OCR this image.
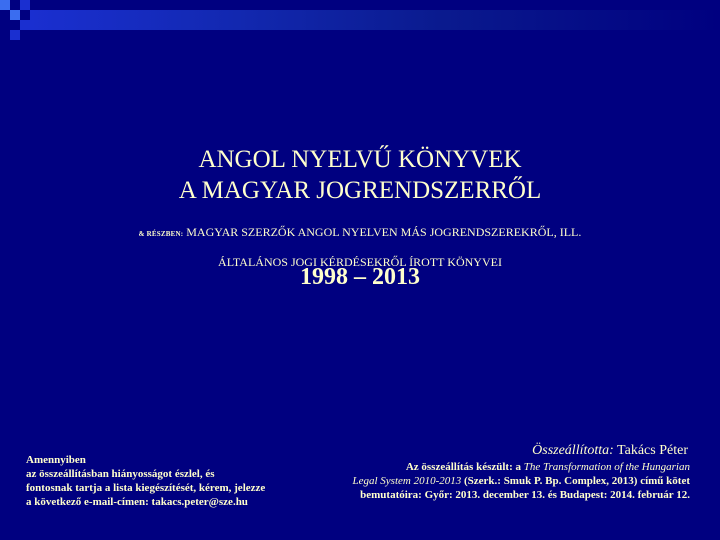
ANGOL NYELVŰ KÖNYVEK
A MAGYAR JOGRENDSZERRŐL
& RÉSZBEN: MAGYAR SZERZŐK ANGOL NYELVEN MÁS JOGRENDSZEREKRŐL, ILL.
ÁLTALÁNOS JOGI KÉRDÉSEKRŐL ÍROTT KÖNYVEI
1998 – 2013
Amennyiben
az összeállításban hiányosságot észlel, és
fontosnak tartja a lista kiegészítését, kérem, jelezze
a következő e-mail-címen: takacs.peter@sze.hu
Összeállította: Takács Péter
Az összeállítás készült: a The Transformation of the Hungarian
Legal System 2010-2013 (Szerk.: Smuk P. Bp. Complex, 2013) című kötet
bemutatóira: Győr: 2013. december 13. és Budapest: 2014. február 12.
